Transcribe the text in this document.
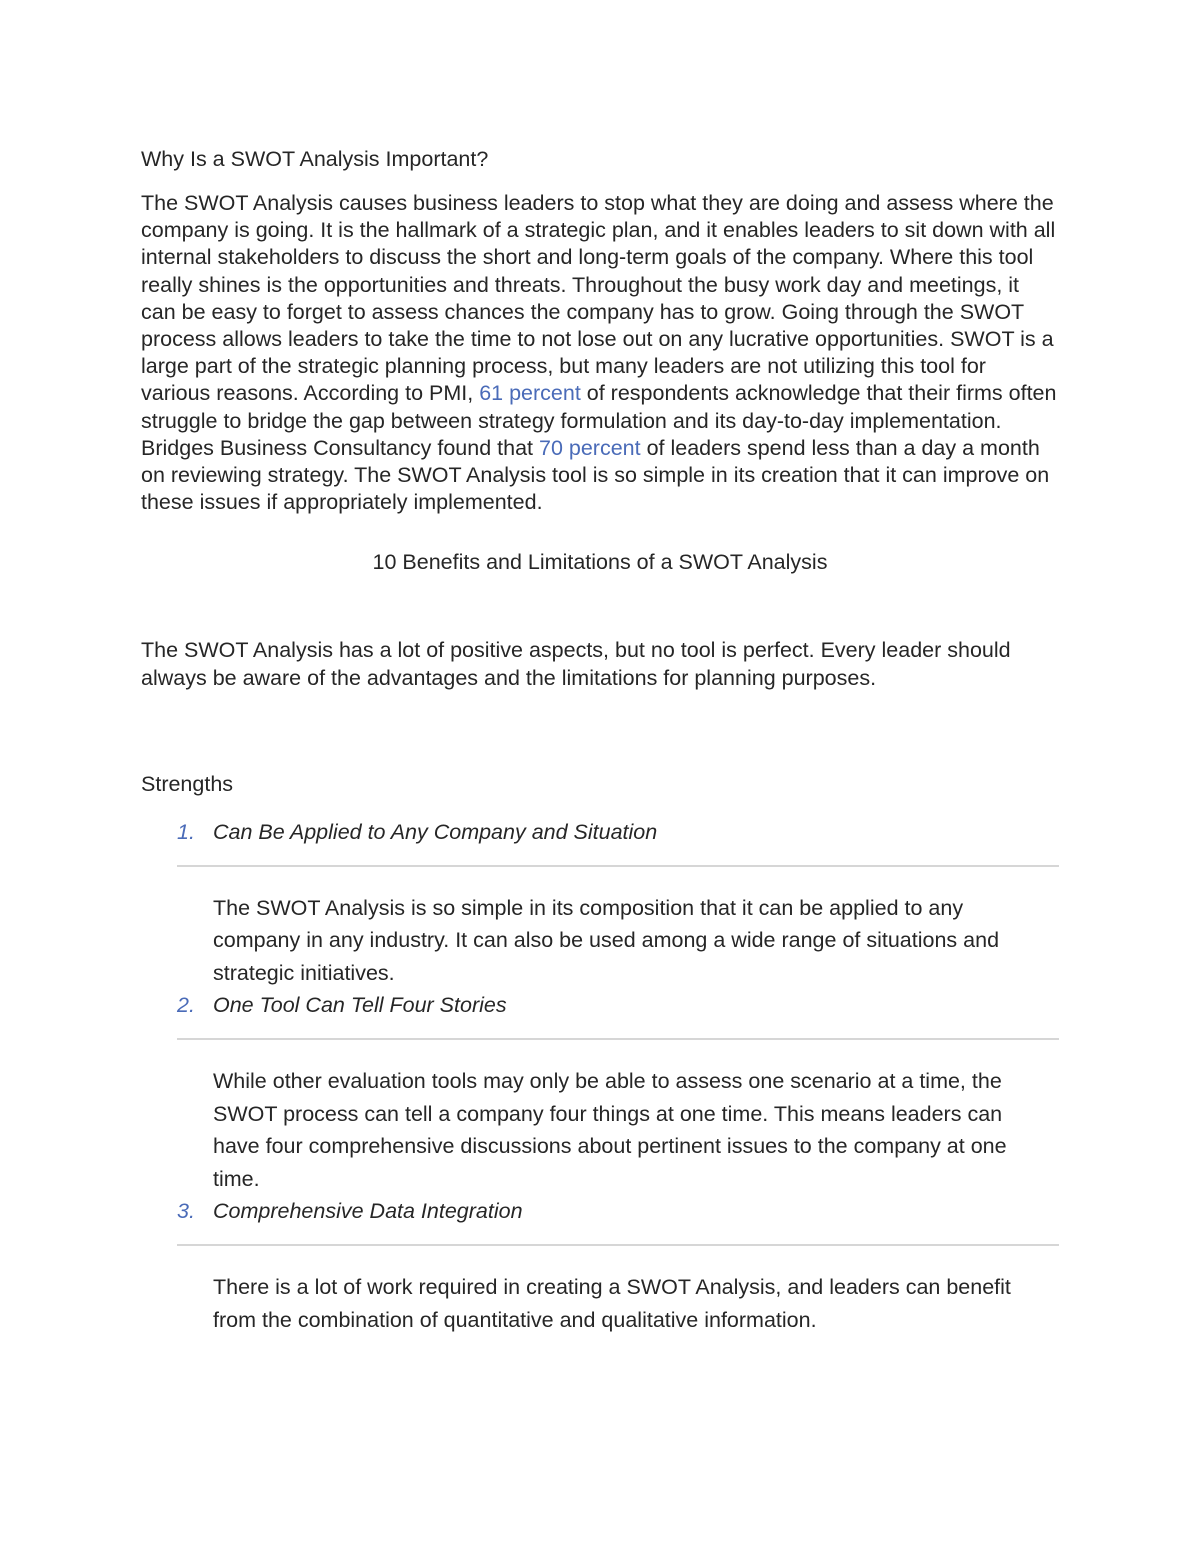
Why Is a SWOT Analysis Important?

The SWOT Analysis causes business leaders to stop what they are doing and assess where the company is going. It is the hallmark of a strategic plan, and it enables leaders to sit down with all internal stakeholders to discuss the short and long-term goals of the company. Where this tool really shines is the opportunities and threats. Throughout the busy work day and meetings, it can be easy to forget to assess chances the company has to grow. Going through the SWOT process allows leaders to take the time to not lose out on any lucrative opportunities. SWOT is a large part of the strategic planning process, but many leaders are not utilizing this tool for various reasons. According to PMI, 61 percent of respondents acknowledge that their firms often struggle to bridge the gap between strategy formulation and its day-to-day implementation. Bridges Business Consultancy found that 70 percent of leaders spend less than a day a month on reviewing strategy. The SWOT Analysis tool is so simple in its creation that it can improve on these issues if appropriately implemented.

10 Benefits and Limitations of a SWOT Analysis

The SWOT Analysis has a lot of positive aspects, but no tool is perfect. Every leader should always be aware of the advantages and the limitations for planning purposes.

Strengths
1. Can Be Applied to Any Company and Situation
The SWOT Analysis is so simple in its composition that it can be applied to any company in any industry. It can also be used among a wide range of situations and strategic initiatives.
2. One Tool Can Tell Four Stories
While other evaluation tools may only be able to assess one scenario at a time, the SWOT process can tell a company four things at one time. This means leaders can have four comprehensive discussions about pertinent issues to the company at one time.
3. Comprehensive Data Integration
There is a lot of work required in creating a SWOT Analysis, and leaders can benefit from the combination of quantitative and qualitative information.
